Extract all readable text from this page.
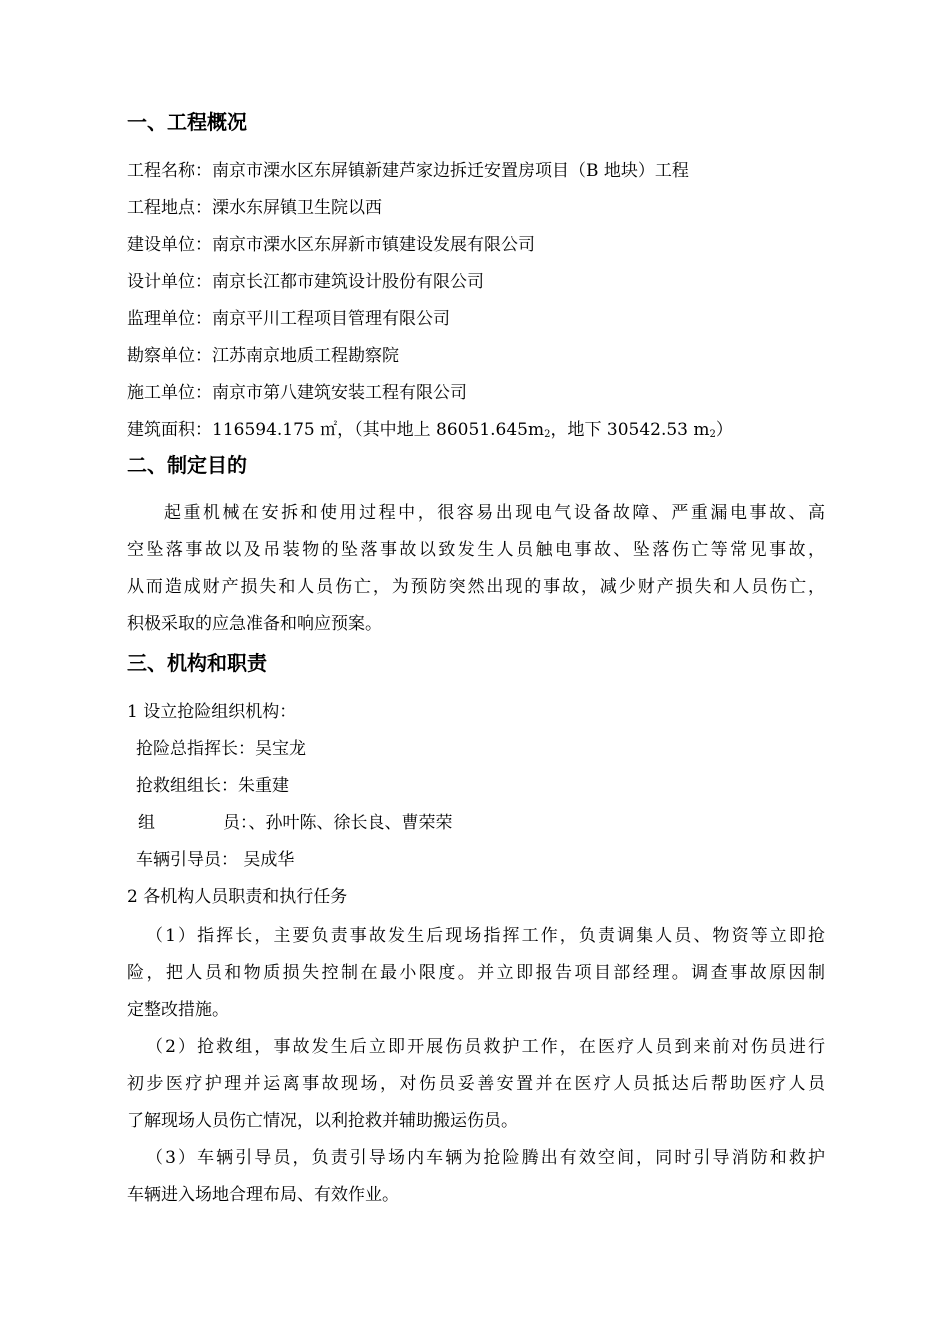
一、工程概况
工程名称：南京市溧水区东屏镇新建芦家边拆迁安置房项目（B 地块）工程
工程地点：溧水东屏镇卫生院以西
建设单位：南京市溧水区东屏新市镇建设发展有限公司
设计单位：南京长江都市建筑设计股份有限公司
监理单位：南京平川工程项目管理有限公司
勘察单位：江苏南京地质工程勘察院
施工单位：南京市第八建筑安装工程有限公司
建筑面积：116594.175 ㎡，（其中地上 $86051.645m_2$，地下 30542.53 $m_2$）
二、制定目的
起重机械在安拆和使用过程中，很容易出现电气设备故障、严重漏电事故、高
空坠落事故以及吊装物的坠落事故以致发生人员触电事故、坠落伤亡等常见事故，
从而造成财产损失和人员伤亡，为预防突然出现的事故，减少财产损失和人员伤亡，
积极采取的应急准备和响应预案。
三、机构和职责
1 设立抢险组织机构：
抢险总指挥长：吴宝龙
抢救组组长：朱重建
组	员：、孙叶陈、徐长良、曹荣荣
车辆引导员： 吴成华
2 各机构人员职责和执行任务
（1）指挥长，主要负责事故发生后现场指挥工作，负责调集人员、物资等立即抢
险，把人员和物质损失控制在最小限度。并立即报告项目部经理。调查事故原因制
定整改措施。
（2）抢救组，事故发生后立即开展伤员救护工作，在医疗人员到来前对伤员进行
初步医疗护理并运离事故现场，对伤员妥善安置并在医疗人员抵达后帮助医疗人员
了解现场人员伤亡情况，以利抢救并辅助搬运伤员。
（3）车辆引导员，负责引导场内车辆为抢险腾出有效空间，同时引导消防和救护
车辆进入场地合理布局、有效作业。
